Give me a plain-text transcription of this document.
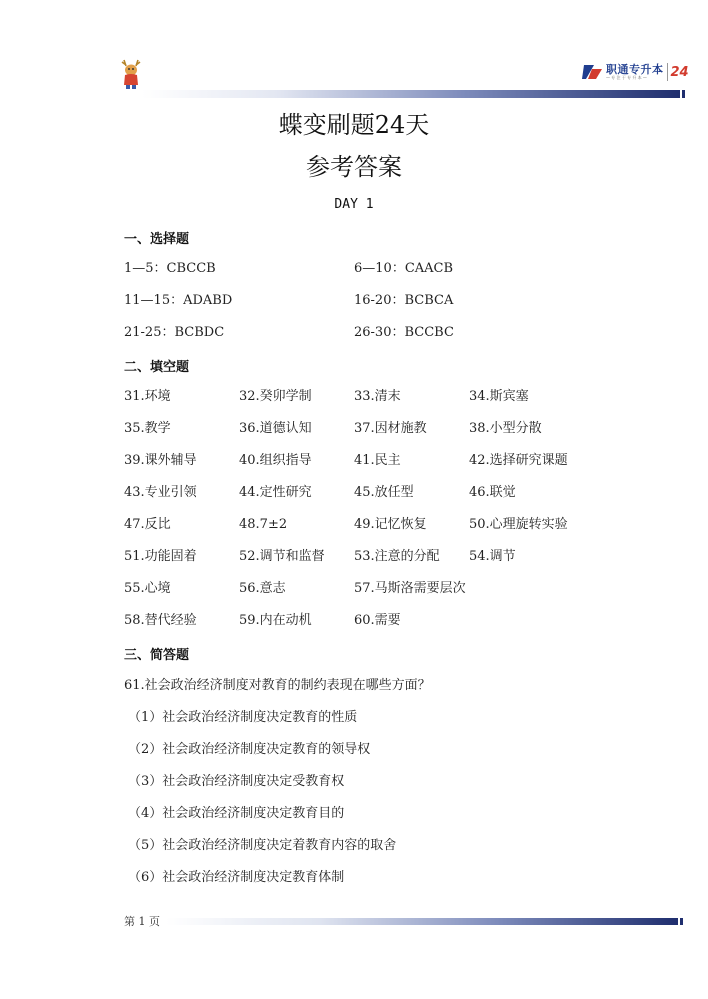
职通专升本
— 专 注 于 专 升 本 —	24
蝶变刷题24天
参考答案
DAY 1
一、选择题
1—5：CBCCB	6—10：CAACB
11—15：ADABD	16-20：BCBCA
21-25：BCBDC	26-30：BCCBC
二、填空题
31.环境	32.癸卯学制	33.清末	34.斯宾塞
35.教学	36.道德认知	37.因材施教	38.小型分散
39.课外辅导	40.组织指导	41.民主	42.选择研究课题
43.专业引领	44.定性研究	45.放任型	46.联觉
47.反比	48.7±2	49.记忆恢复	50.心理旋转实验
51.功能固着	52.调节和监督 53.注意的分配 54.调节
55.心境	56.意志	57.马斯洛需要层次
58.替代经验	59.内在动机	60.需要
三、简答题
61.社会政治经济制度对教育的制约表现在哪些方面？
（1）社会政治经济制度决定教育的性质
（2）社会政治经济制度决定教育的领导权
（3）社会政治经济制度决定受教育权
（4）社会政治经济制度决定教育目的
（5）社会政治经济制度决定着教育内容的取舍
（6）社会政治经济制度决定教育体制
第 1 页
